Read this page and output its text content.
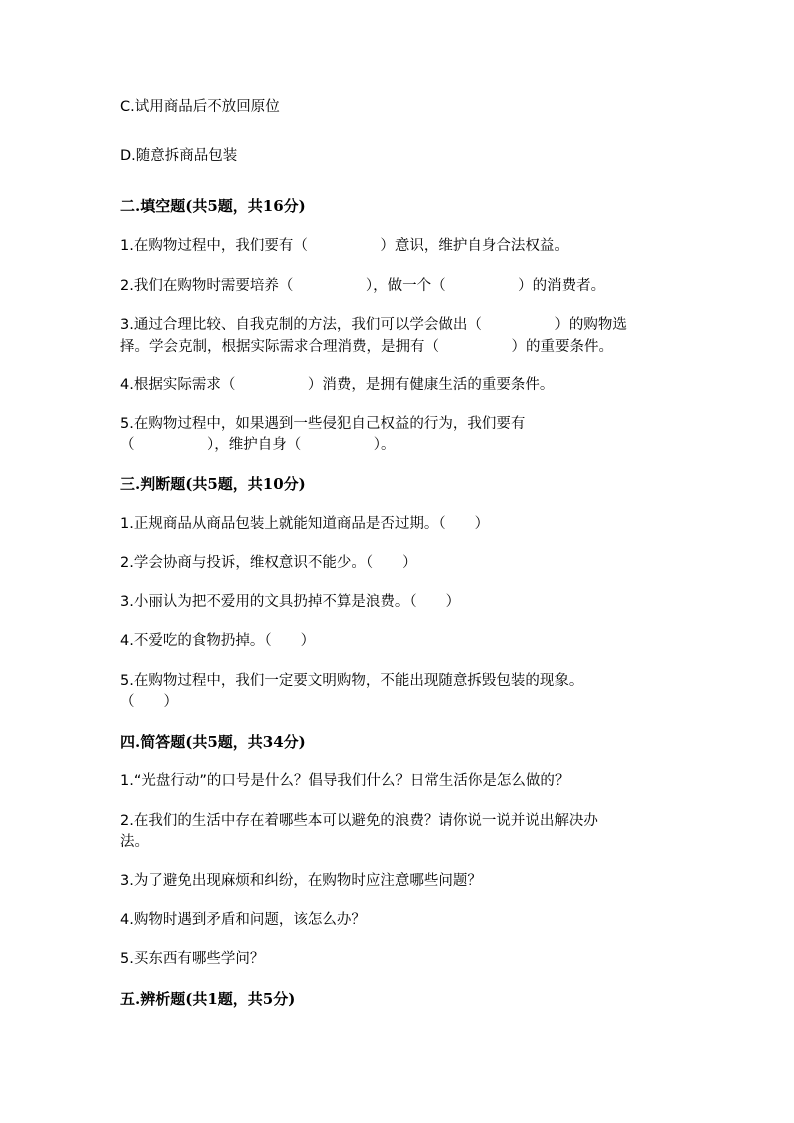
C.试用商品后不放回原位
D.随意拆商品包装
二.填空题(共5题，共16分)
1.在购物过程中，我们要有（　　　　　）意识，维护自身合法权益。
2.我们在购物时需要培养（　　　　　），做一个（　　　　　）的消费者。
3.通过合理比较、自我克制的方法，我们可以学会做出（　　　　　）的购物选
择。学会克制，根据实际需求合理消费，是拥有（　　　　　）的重要条件。
4.根据实际需求（　　　　　）消费，是拥有健康生活的重要条件。
5.在购物过程中，如果遇到一些侵犯自己权益的行为，我们要有
（　　　　　），维护自身（　　　　　）。
三.判断题(共5题，共10分)
1.正规商品从商品包装上就能知道商品是否过期。（　　）
2.学会协商与投诉，维权意识不能少。（　　）
3.小丽认为把不爱用的文具扔掉不算是浪费。（　　）
4.不爱吃的食物扔掉。（　　）
5.在购物过程中，我们一定要文明购物，不能出现随意拆毁包装的现象。
（　　）
四.简答题(共5题，共34分)
1.“光盘行动”的口号是什么？倡导我们什么？日常生活你是怎么做的？
2.在我们的生活中存在着哪些本可以避免的浪费？请你说一说并说出解决办
法。
3.为了避免出现麻烦和纠纷，在购物时应注意哪些问题？
4.购物时遇到矛盾和问题，该怎么办？
5.买东西有哪些学问？
五.辨析题(共1题，共5分)
